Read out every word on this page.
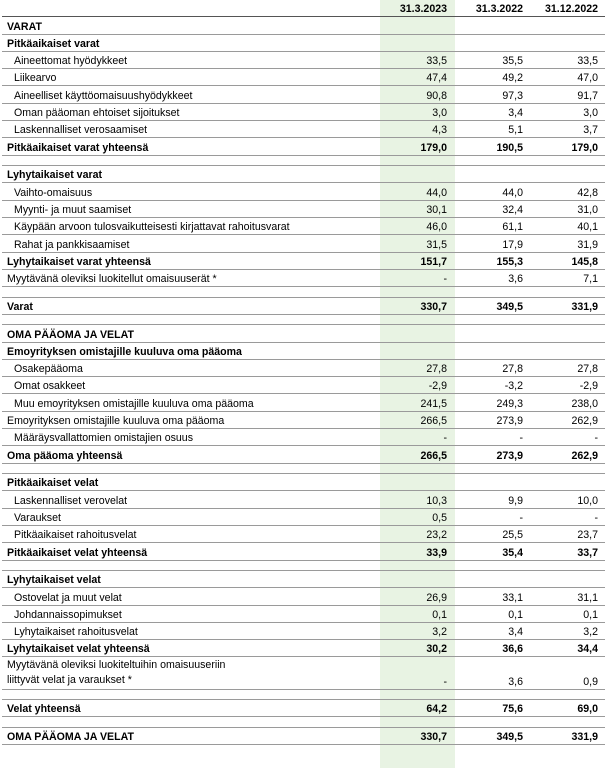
31.3.2023	31.3.2022 31.12.2022
VARAT
Pitkäaikaiset varat
Aineettomat hyödykkeet	33,5	35,5	33,5
Liikearvo	47,4	49,2	47,0
Aineelliset käyttöomaisuushyödykkeet	90,8	97,3	91,7
Oman pääoman ehtoiset sijoitukset	3,0	3,4	3,0
Laskennalliset verosaamiset	4,3	5,1	3,7
Pitkäaikaiset varat yhteensä	179,0	190,5	179,0
Lyhytaikaiset varat
Vaihto-omaisuus	44,0	44,0	42,8
Myynti- ja muut saamiset	30,1	32,4	31,0
Käypään arvoon tulosvaikutteisesti kirjattavat rahoitusvarat	46,0	61,1	40,1
Rahat ja pankkisaamiset	31,5	17,9	31,9
Lyhytaikaiset varat yhteensä	151,7	155,3	145,8
Myytävänä oleviksi luokitellut omaisuuserät *	-	3,6	7,1
Varat	330,7	349,5	331,9
OMA PÄÄOMA JA VELAT
Emoyrityksen omistajille kuuluva oma pääoma
Osakepääoma	27,8	27,8	27,8
Omat osakkeet	-2,9	-3,2	-2,9
Muu emoyrityksen omistajille kuuluva oma pääoma	241,5	249,3	238,0
Emoyrityksen omistajille kuuluva oma pääoma	266,5	273,9	262,9
Määräysvallattomien omistajien osuus	-	-	-
Oma pääoma yhteensä	266,5	273,9	262,9
Pitkäaikaiset velat
Laskennalliset verovelat	10,3	9,9	10,0
Varaukset	0,5	-	-
Pitkäaikaiset rahoitusvelat	23,2	25,5	23,7
Pitkäaikaiset velat yhteensä	33,9	35,4	33,7
Lyhytaikaiset velat
Ostovelat ja muut velat	26,9	33,1	31,1
Johdannaissopimukset	0,1	0,1	0,1
Lyhytaikaiset rahoitusvelat	3,2	3,4	3,2
Lyhytaikaiset velat yhteensä	30,2	36,6	34,4
Myytävänä oleviksi luokiteltuihin omaisuuseriin
liittyvät velat ja varaukset *	-	3,6	0,9
Velat yhteensä	64,2	75,6	69,0
OMA PÄÄOMA JA VELAT	330,7	349,5	331,9
